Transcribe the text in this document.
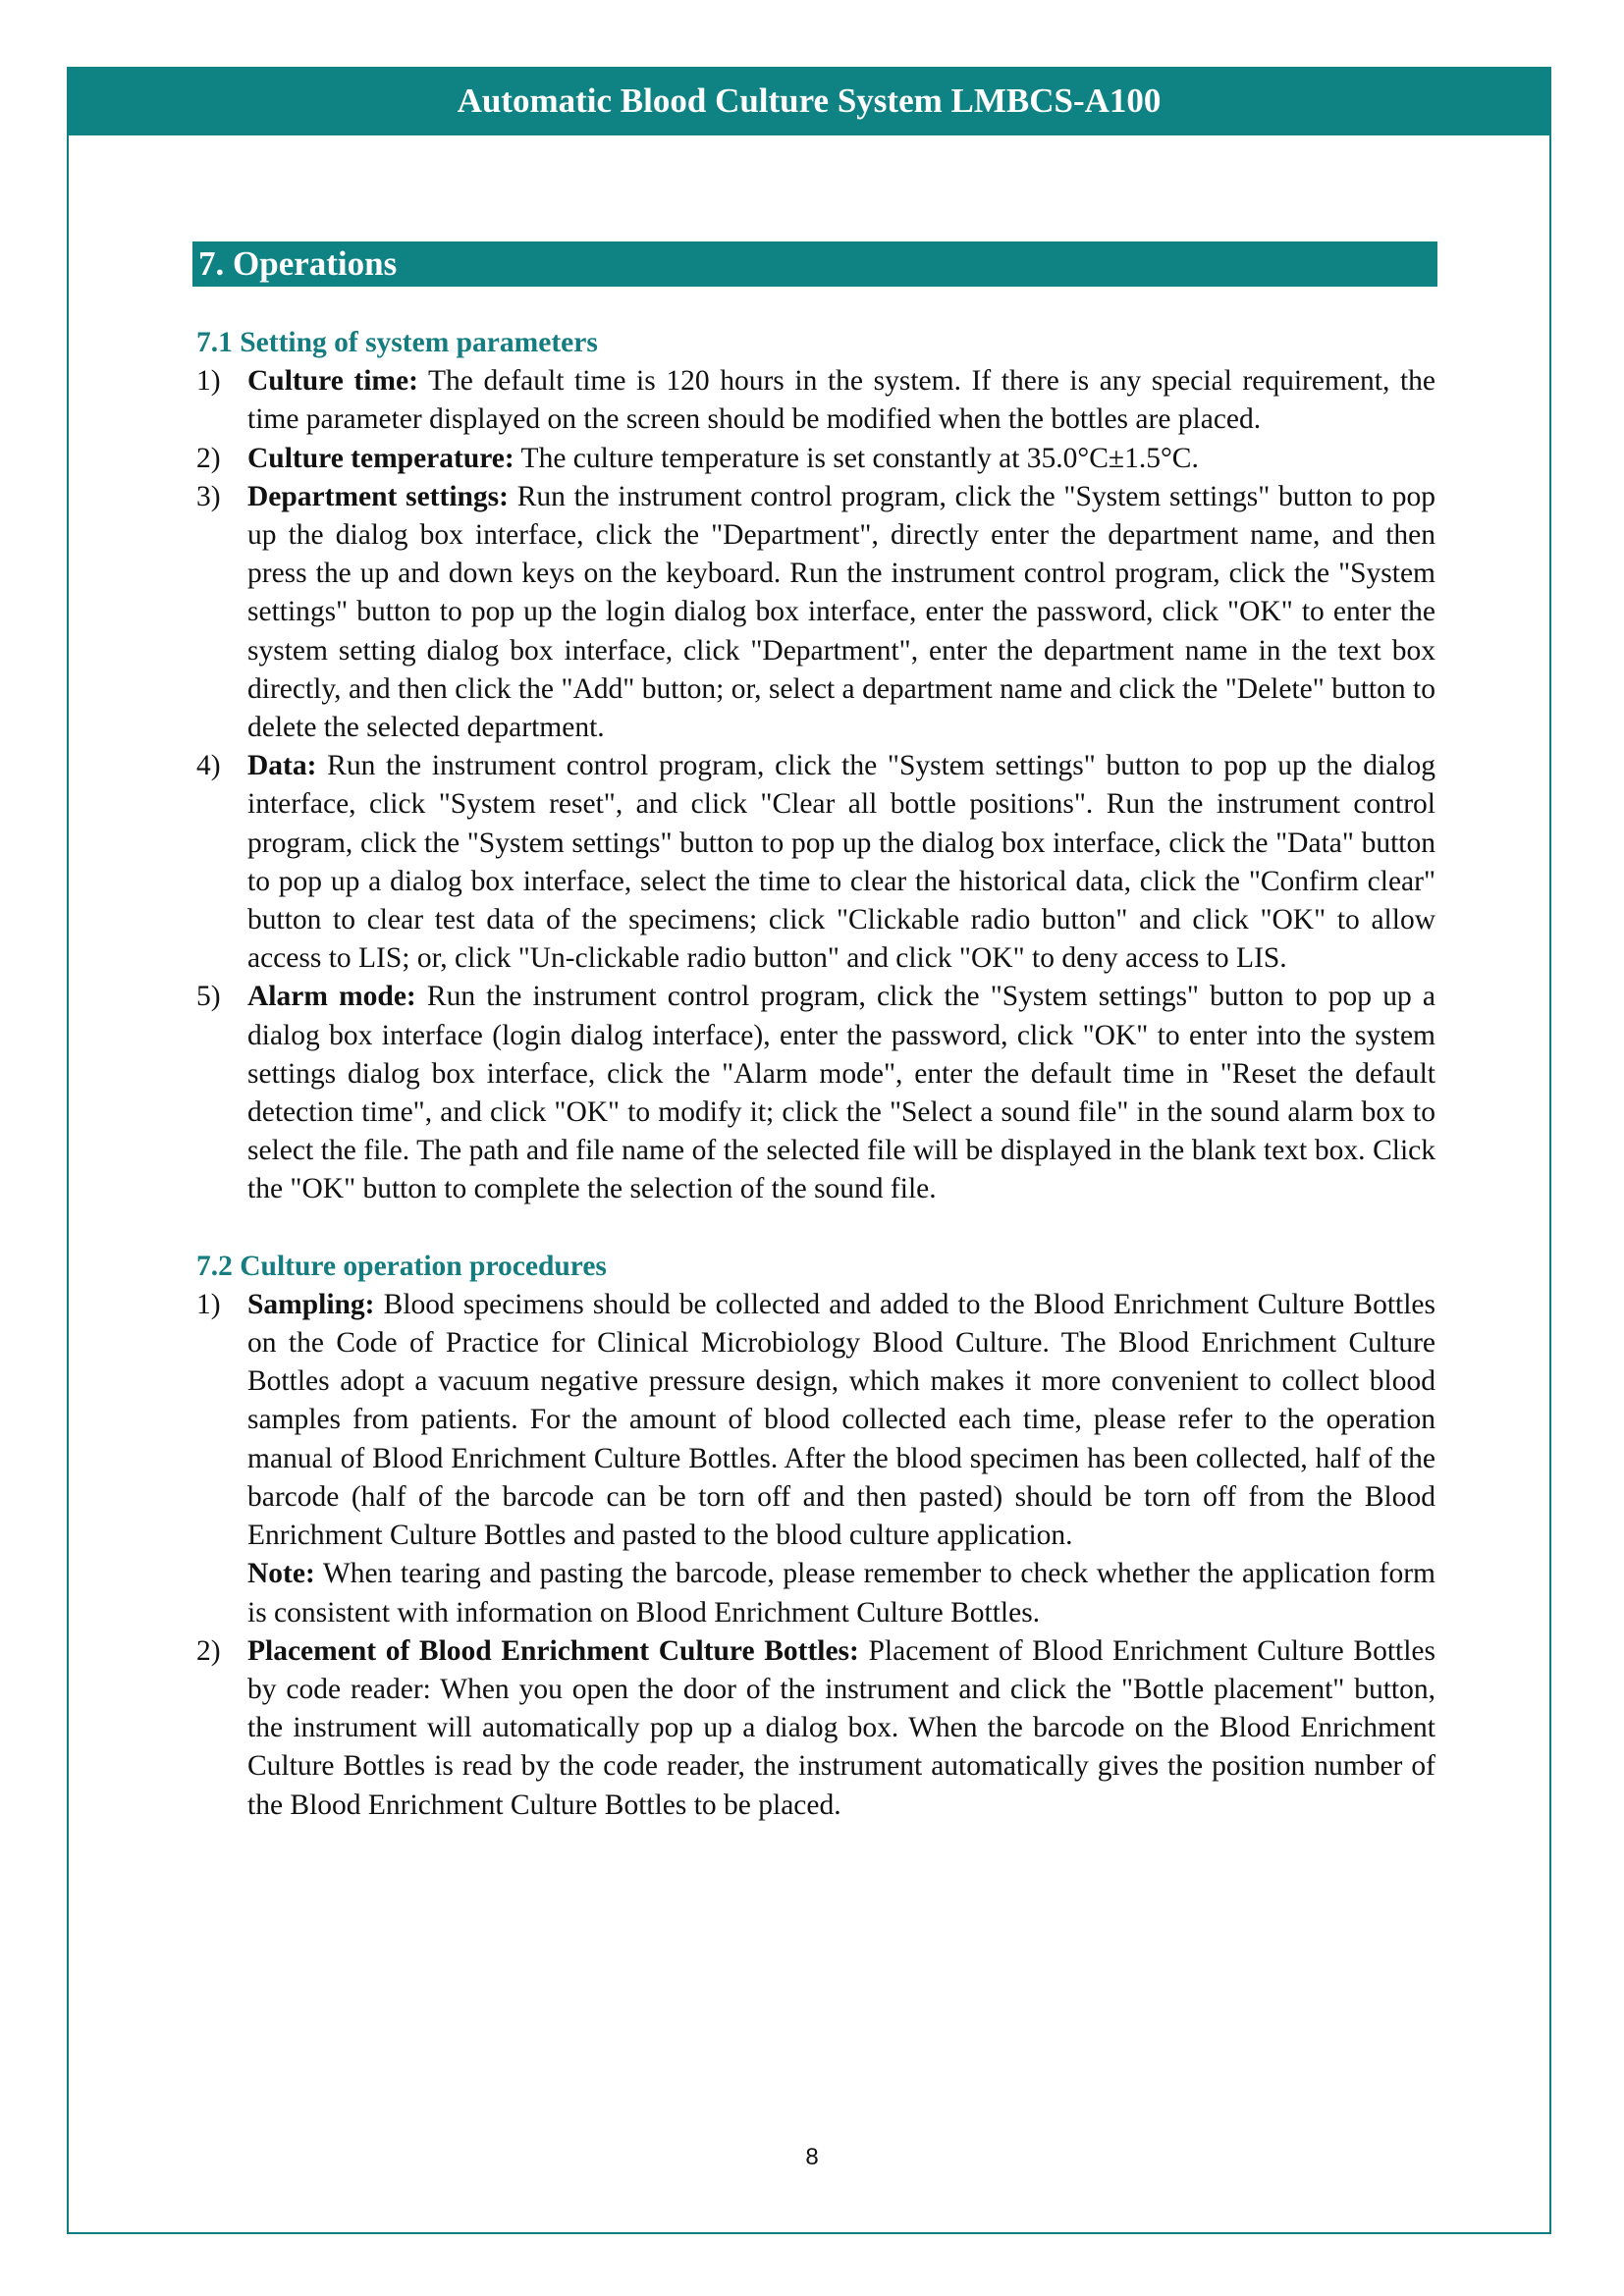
Automatic Blood Culture System LMBCS-A100
7. Operations

7.1 Setting of system parameters

1) Culture time: The default time is 120 hours in the system. If there is any special requirement, the time parameter displayed on the screen should be modified when the bottles are placed.
2) Culture temperature: The culture temperature is set constantly at 35.0°C±1.5°C.
3) Department settings: Run the instrument control program, click the "System settings" button to pop up the dialog box interface, click the "Department", directly enter the department name, and then press the up and down keys on the keyboard. Run the instrument control program, click the "System settings" button to pop up the login dialog box interface, enter the password, click "OK" to enter the system setting dialog box interface, click "Department", enter the department name in the text box directly, and then click the "Add" button; or, select a department name and click the "Delete" button to delete the selected department.
4) Data: Run the instrument control program, click the "System settings" button to pop up the dialog interface, click "System reset", and click "Clear all bottle positions". Run the instrument control program, click the "System settings" button to pop up the dialog box interface, click the "Data" button to pop up a dialog box interface, select the time to clear the historical data, click the "Confirm clear" button to clear test data of the specimens; click "Clickable radio button" and click "OK" to allow access to LIS; or, click "Un-clickable radio button" and click "OK" to deny access to LIS.
5) Alarm mode: Run the instrument control program, click the "System settings" button to pop up a dialog box interface (login dialog interface), enter the password, click "OK" to enter into the system settings dialog box interface, click the "Alarm mode", enter the default time in "Reset the default detection time", and click "OK" to modify it; click the "Select a sound file" in the sound alarm box to select the file. The path and file name of the selected file will be displayed in the blank text box. Click the "OK" button to complete the selection of the sound file.

7.2 Culture operation procedures

1) Sampling: Blood specimens should be collected and added to the Blood Enrichment Culture Bottles on the Code of Practice for Clinical Microbiology Blood Culture. The Blood Enrichment Culture Bottles adopt a vacuum negative pressure design, which makes it more convenient to collect blood samples from patients. For the amount of blood collected each time, please refer to the operation manual of Blood Enrichment Culture Bottles. After the blood specimen has been collected, half of the barcode (half of the barcode can be torn off and then pasted) should be torn off from the Blood Enrichment Culture Bottles and pasted to the blood culture application.
Note: When tearing and pasting the barcode, please remember to check whether the application form is consistent with information on Blood Enrichment Culture Bottles.
2) Placement of Blood Enrichment Culture Bottles: Placement of Blood Enrichment Culture Bottles by code reader: When you open the door of the instrument and click the "Bottle placement" button, the instrument will automatically pop up a dialog box. When the barcode on the Blood Enrichment Culture Bottles is read by the code reader, the instrument automatically gives the position number of the Blood Enrichment Culture Bottles to be placed.
8
